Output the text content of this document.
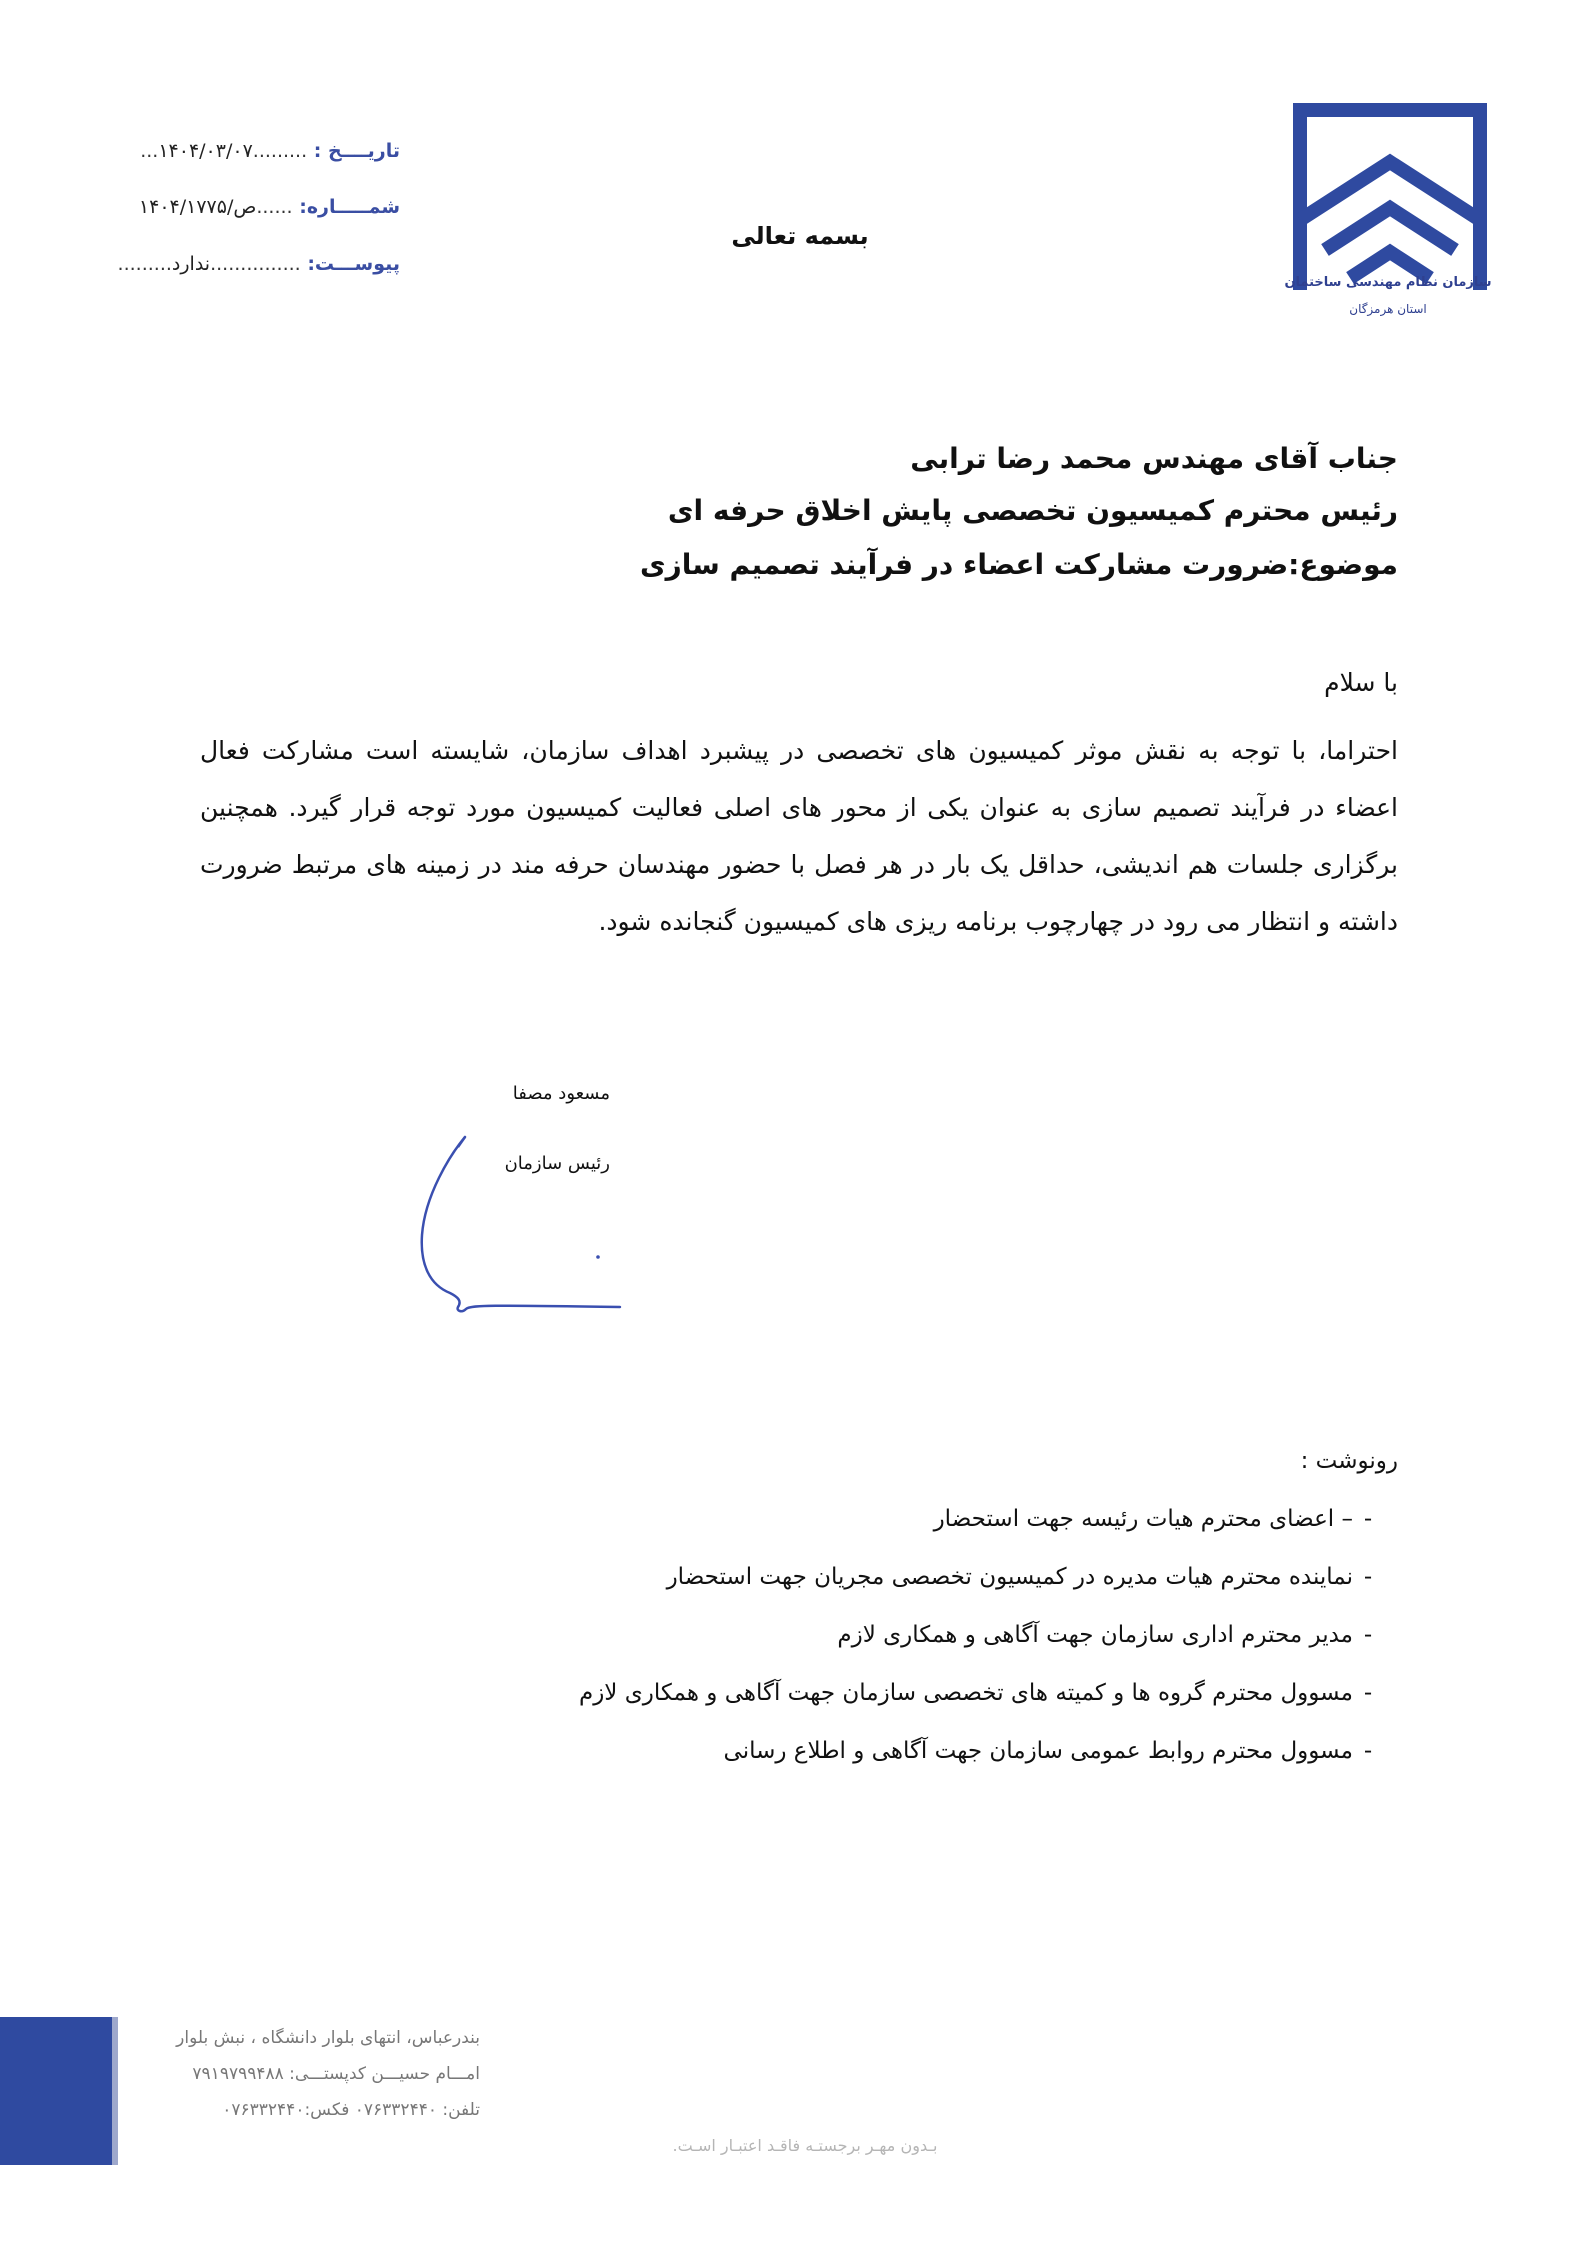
تاریــــخ : .........۱۴۰۴/۰۳/۰۷...
شمـــــاره: ......ص/۱۴۰۴/۱۷۷۵
پیوســـت: ...............ندارد.........
بسمه تعالی
سازمان نظام مهندسی ساختمان
استان هرمزگان
جناب آقای مهندس محمد رضا ترابی
رئیس محترم کمیسیون تخصصی پایش اخلاق حرفه ای
موضوع:ضرورت مشارکت اعضاء در فرآیند تصمیم سازی
با سلام
احتراما، با توجه به نقش موثر کمیسیون های تخصصی در پیشبرد اهداف سازمان، شایسته است مشارکت فعال اعضاء در فرآیند تصمیم سازی به عنوان یکی از محور های اصلی فعالیت کمیسیون مورد توجه قرار گیرد. همچنین برگزاری جلسات هم اندیشی، حداقل یک بار در هر فصل با حضور مهندسان حرفه مند در زمینه های مرتبط ضرورت داشته و انتظار می رود در چهارچوب برنامه ریزی های کمیسیون گنجانده شود.
مسعود مصفا
رئیس سازمان
رونوشت :
-– اعضای محترم هیات رئیسه جهت استحضار
-نماینده محترم هیات مدیره در کمیسیون تخصصی مجریان جهت استحضار
-مدیر محترم اداری سازمان جهت آگاهی و همکاری لازم
-مسوول محترم گروه ها و کمیته های تخصصی سازمان جهت آگاهی و همکاری لازم
-مسوول محترم روابط عمومی سازمان جهت آگاهی و اطلاع رسانی
بندرعباس، انتهای بلوار دانشگاه ، نبش بلوار
امـــام حسیـــن کدپستـــی: ۷۹۱۹۷۹۹۴۸۸
تلفن: ۰۷۶۳۳۲۴۴۰ فکس:۰۷۶۳۳۲۴۴۰
بـدون مهـر برجستـه فاقـد اعتبـار اسـت.
